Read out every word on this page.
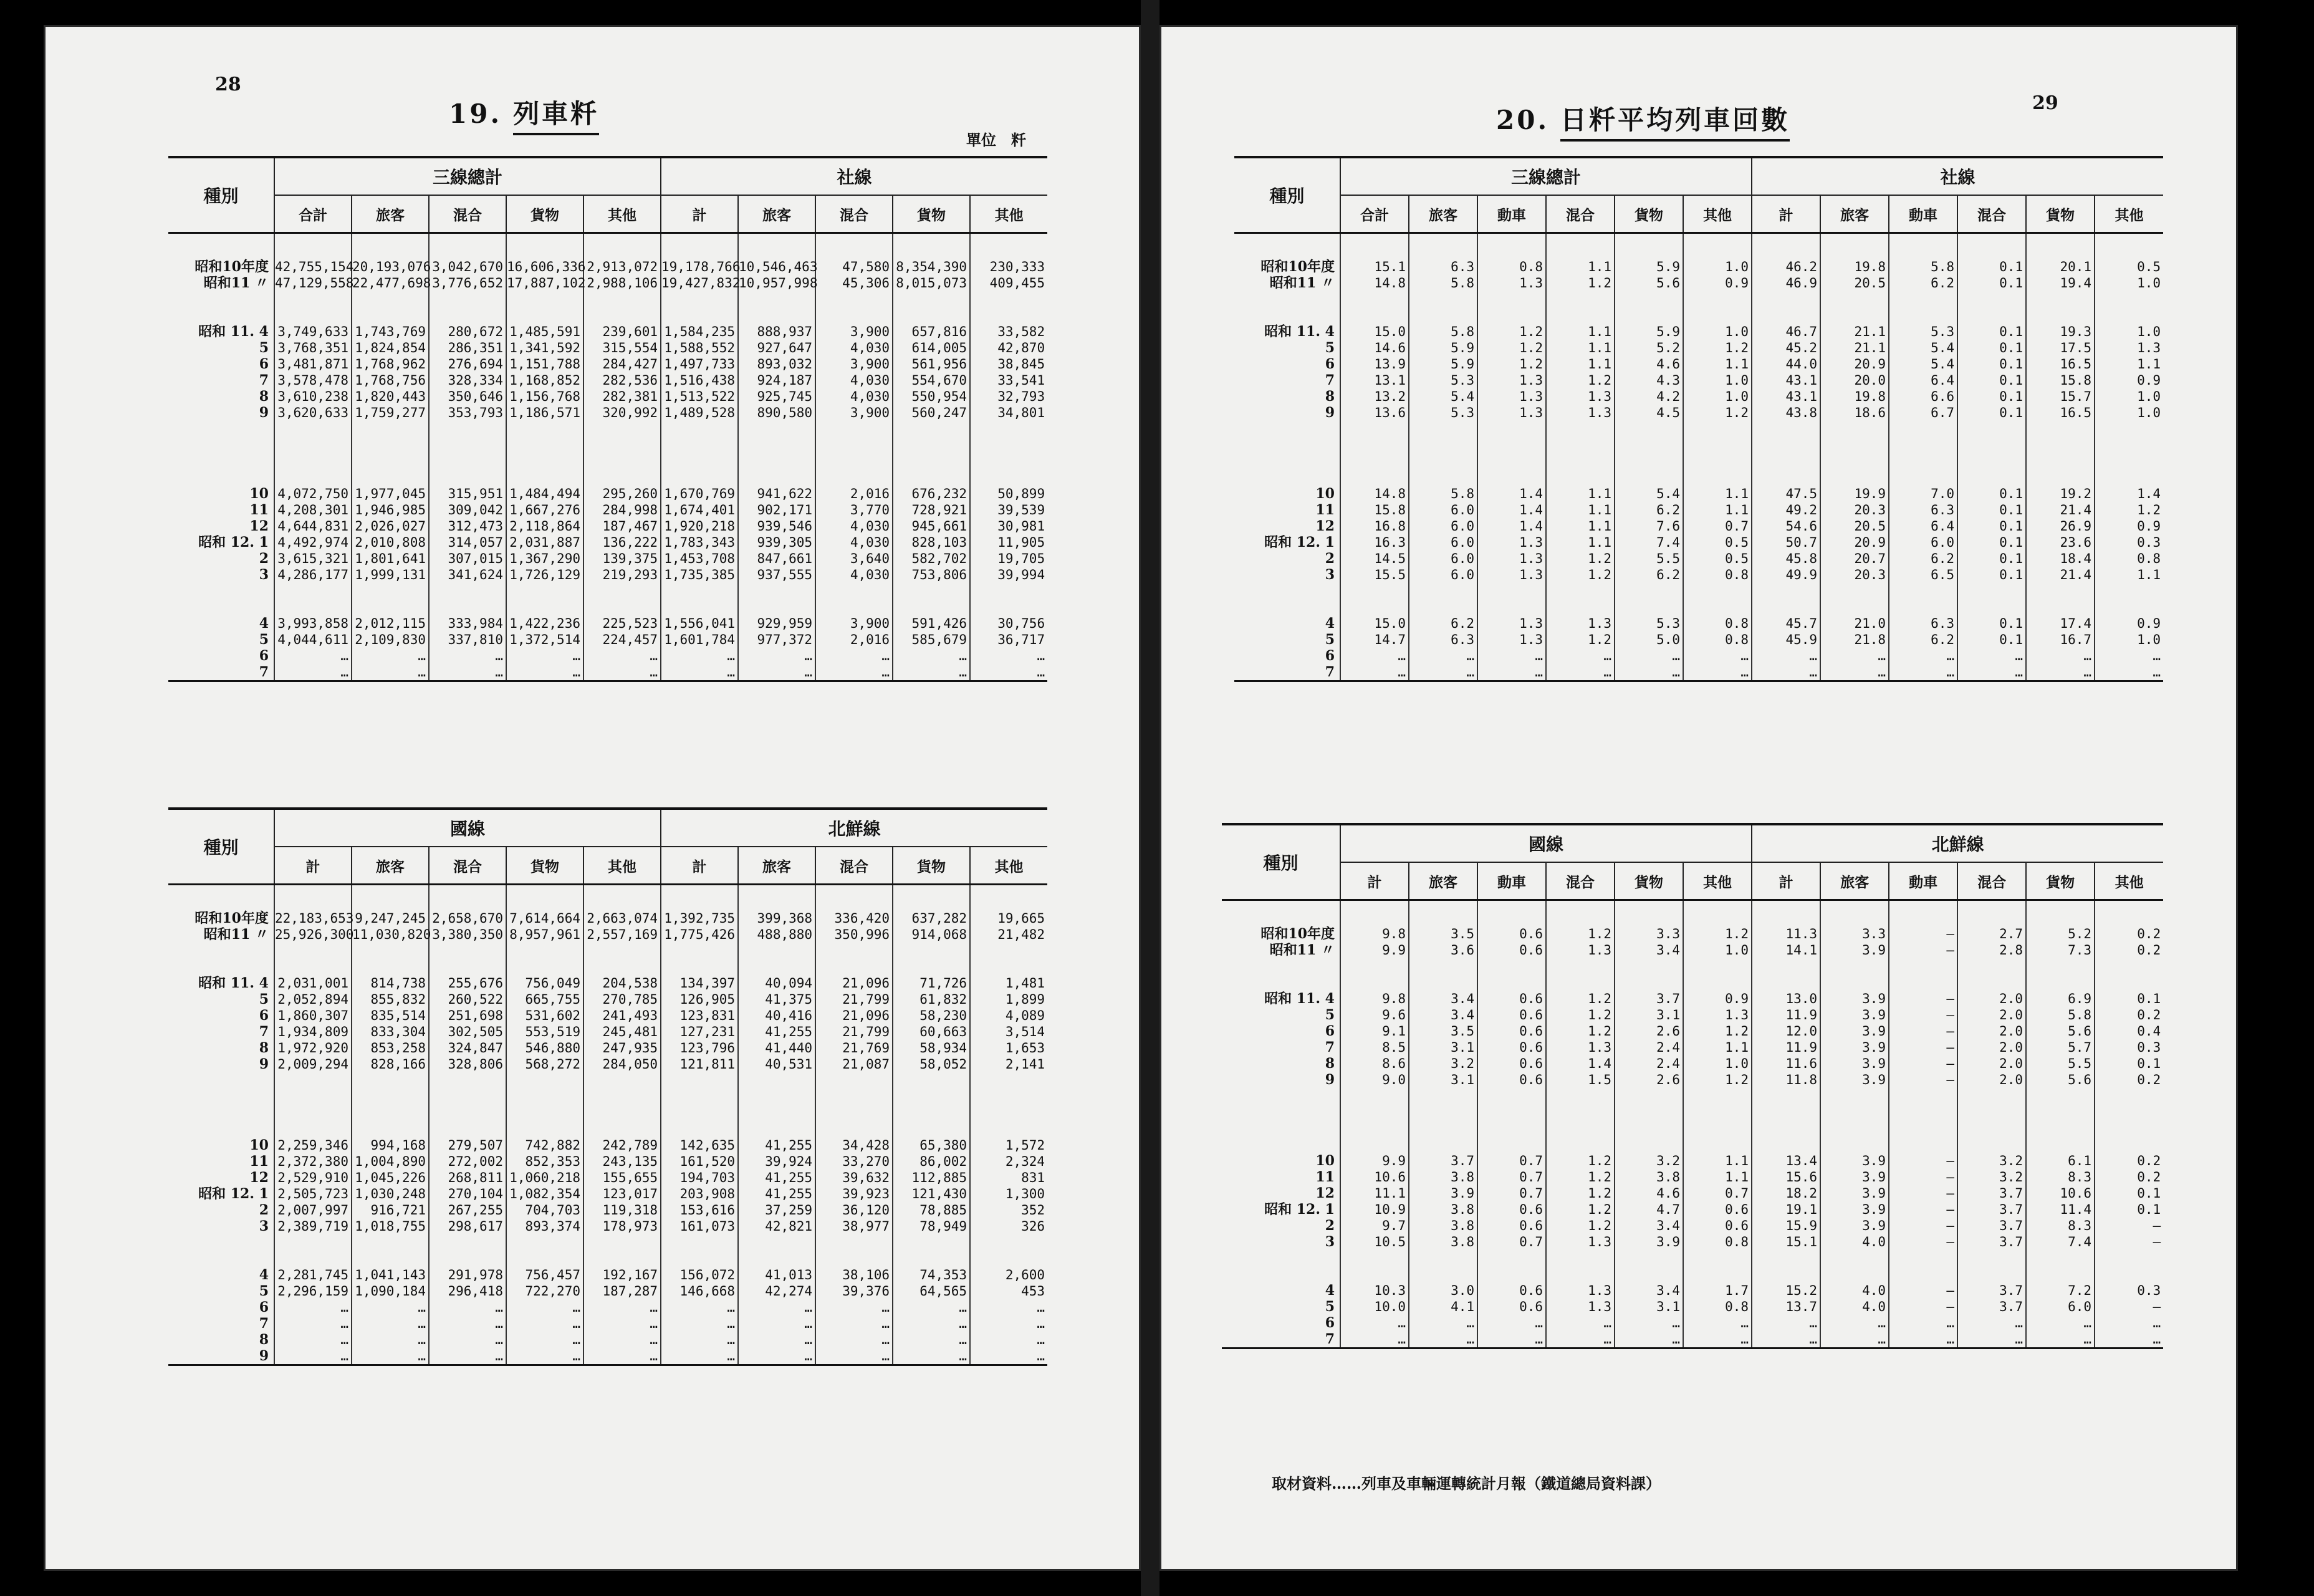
28
19. 列車粁
單位　粁
種別	三線總計					社線				
	合計	旅客	混合	貨物	其他	計	旅客	混合	貨物	其他

昭和10年度	42,755,154	20,193,076	3,042,670	16,606,336	2,913,072	19,178,766	10,546,463	47,580	8,354,390	230,333
昭和11 〃	47,129,558	22,477,698	3,776,652	17,887,102	2,988,106	19,427,832	10,957,998	45,306	8,015,073	409,455

昭和 11. 4	3,749,633	1,743,769	280,672	1,485,591	239,601	1,584,235	888,937	3,900	657,816	33,582
5	3,768,351	1,824,854	286,351	1,341,592	315,554	1,588,552	927,647	4,030	614,005	42,870
6	3,481,871	1,768,962	276,694	1,151,788	284,427	1,497,733	893,032	3,900	561,956	38,845
7	3,578,478	1,768,756	328,334	1,168,852	282,536	1,516,438	924,187	4,030	554,670	33,541
8	3,610,238	1,820,443	350,646	1,156,768	282,381	1,513,522	925,745	4,030	550,954	32,793
9	3,620,633	1,759,277	353,793	1,186,571	320,992	1,489,528	890,580	3,900	560,247	34,801

10	4,072,750	1,977,045	315,951	1,484,494	295,260	1,670,769	941,622	2,016	676,232	50,899
11	4,208,301	1,946,985	309,042	1,667,276	284,998	1,674,401	902,171	3,770	728,921	39,539
12	4,644,831	2,026,027	312,473	2,118,864	187,467	1,920,218	939,546	4,030	945,661	30,981
昭和 12. 1	4,492,974	2,010,808	314,057	2,031,887	136,222	1,783,343	939,305	4,030	828,103	11,905
2	3,615,321	1,801,641	307,015	1,367,290	139,375	1,453,708	847,661	3,640	582,702	19,705
3	4,286,177	1,999,131	341,624	1,726,129	219,293	1,735,385	937,555	4,030	753,806	39,994

4	3,993,858	2,012,115	333,984	1,422,236	225,523	1,556,041	929,959	3,900	591,426	30,756
5	4,044,611	2,109,830	337,810	1,372,514	224,457	1,601,784	977,372	2,016	585,679	36,717
6	…	…	…	…	…	…	…	…	…	…
7	…	…	…	…	…	…	…	…	…	…

種別	國線					北鮮線				
	計	旅客	混合	貨物	其他	計	旅客	混合	貨物	其他

昭和10年度	22,183,653	9,247,245	2,658,670	7,614,664	2,663,074	1,392,735	399,368	336,420	637,282	19,665
昭和11 〃	25,926,300	11,030,820	3,380,350	8,957,961	2,557,169	1,775,426	488,880	350,996	914,068	21,482

昭和 11. 4	2,031,001	814,738	255,676	756,049	204,538	134,397	40,094	21,096	71,726	1,481
5	2,052,894	855,832	260,522	665,755	270,785	126,905	41,375	21,799	61,832	1,899
6	1,860,307	835,514	251,698	531,602	241,493	123,831	40,416	21,096	58,230	4,089
7	1,934,809	833,304	302,505	553,519	245,481	127,231	41,255	21,799	60,663	3,514
8	1,972,920	853,258	324,847	546,880	247,935	123,796	41,440	21,769	58,934	1,653
9	2,009,294	828,166	328,806	568,272	284,050	121,811	40,531	21,087	58,052	2,141

10	2,259,346	994,168	279,507	742,882	242,789	142,635	41,255	34,428	65,380	1,572
11	2,372,380	1,004,890	272,002	852,353	243,135	161,520	39,924	33,270	86,002	2,324
12	2,529,910	1,045,226	268,811	1,060,218	155,655	194,703	41,255	39,632	112,885	831
昭和 12. 1	2,505,723	1,030,248	270,104	1,082,354	123,017	203,908	41,255	39,923	121,430	1,300
2	2,007,997	916,721	267,255	704,703	119,318	153,616	37,259	36,120	78,885	352
3	2,389,719	1,018,755	298,617	893,374	178,973	161,073	42,821	38,977	78,949	326

4	2,281,745	1,041,143	291,978	756,457	192,167	156,072	41,013	38,106	74,353	2,600
5	2,296,159	1,090,184	296,418	722,270	187,287	146,668	42,274	39,376	64,565	453
6	…	…	…	…	…	…	…	…	…	…
7	…	…	…	…	…	…	…	…	…	…
8	…	…	…	…	…	…	…	…	…	…
9	…	…	…	…	…	…	…	…	…	…

29
20. 日粁平均列車回數
種別	三線總計						社線					
	合計	旅客	動車	混合	貨物	其他	計	旅客	動車	混合	貨物	其他

昭和10年度	15.1	6.3	0.8	1.1	5.9	1.0	46.2	19.8	5.8	0.1	20.1	0.5
昭和11 〃	14.8	5.8	1.3	1.2	5.6	0.9	46.9	20.5	6.2	0.1	19.4	1.0

昭和 11. 4	15.0	5.8	1.2	1.1	5.9	1.0	46.7	21.1	5.3	0.1	19.3	1.0
5	14.6	5.9	1.2	1.1	5.2	1.2	45.2	21.1	5.4	0.1	17.5	1.3
6	13.9	5.9	1.2	1.1	4.6	1.1	44.0	20.9	5.4	0.1	16.5	1.1
7	13.1	5.3	1.3	1.2	4.3	1.0	43.1	20.0	6.4	0.1	15.8	0.9
8	13.2	5.4	1.3	1.3	4.2	1.0	43.1	19.8	6.6	0.1	15.7	1.0
9	13.6	5.3	1.3	1.3	4.5	1.2	43.8	18.6	6.7	0.1	16.5	1.0

10	14.8	5.8	1.4	1.1	5.4	1.1	47.5	19.9	7.0	0.1	19.2	1.4
11	15.8	6.0	1.4	1.1	6.2	1.1	49.2	20.3	6.3	0.1	21.4	1.2
12	16.8	6.0	1.4	1.1	7.6	0.7	54.6	20.5	6.4	0.1	26.9	0.9
昭和 12. 1	16.3	6.0	1.3	1.1	7.4	0.5	50.7	20.9	6.0	0.1	23.6	0.3
2	14.5	6.0	1.3	1.2	5.5	0.5	45.8	20.7	6.2	0.1	18.4	0.8
3	15.5	6.0	1.3	1.2	6.2	0.8	49.9	20.3	6.5	0.1	21.4	1.1

4	15.0	6.2	1.3	1.3	5.3	0.8	45.7	21.0	6.3	0.1	17.4	0.9
5	14.7	6.3	1.3	1.2	5.0	0.8	45.9	21.8	6.2	0.1	16.7	1.0
6	…	…	…	…	…	…	…	…	…	…	…	…
7	…	…	…	…	…	…	…	…	…	…	…	…

種別	國線						北鮮線					
	計	旅客	動車	混合	貨物	其他	計	旅客	動車	混合	貨物	其他

昭和10年度	9.8	3.5	0.6	1.2	3.3	1.2	11.3	3.3	—	2.7	5.2	0.2
昭和11 〃	9.9	3.6	0.6	1.3	3.4	1.0	14.1	3.9	—	2.8	7.3	0.2

昭和 11. 4	9.8	3.4	0.6	1.2	3.7	0.9	13.0	3.9	—	2.0	6.9	0.1
5	9.6	3.4	0.6	1.2	3.1	1.3	11.9	3.9	—	2.0	5.8	0.2
6	9.1	3.5	0.6	1.2	2.6	1.2	12.0	3.9	—	2.0	5.6	0.4
7	8.5	3.1	0.6	1.3	2.4	1.1	11.9	3.9	—	2.0	5.7	0.3
8	8.6	3.2	0.6	1.4	2.4	1.0	11.6	3.9	—	2.0	5.5	0.1
9	9.0	3.1	0.6	1.5	2.6	1.2	11.8	3.9	—	2.0	5.6	0.2

10	9.9	3.7	0.7	1.2	3.2	1.1	13.4	3.9	—	3.2	6.1	0.2
11	10.6	3.8	0.7	1.2	3.8	1.1	15.6	3.9	—	3.2	8.3	0.2
12	11.1	3.9	0.7	1.2	4.6	0.7	18.2	3.9	—	3.7	10.6	0.1
昭和 12. 1	10.9	3.8	0.6	1.2	4.7	0.6	19.1	3.9	—	3.7	11.4	0.1
2	9.7	3.8	0.6	1.2	3.4	0.6	15.9	3.9	—	3.7	8.3	—
3	10.5	3.8	0.7	1.3	3.9	0.8	15.1	4.0	—	3.7	7.4	—

4	10.3	3.0	0.6	1.3	3.4	1.7	15.2	4.0	—	3.7	7.2	0.3
5	10.0	4.1	0.6	1.3	3.1	0.8	13.7	4.0	—	3.7	6.0	—
6	…	…	…	…	…	…	…	…	…	…	…	…
7	…	…	…	…	…	…	…	…	…	…	…	…

取材資料……列車及車輛運轉統計月報（鐵道總局資料課）
